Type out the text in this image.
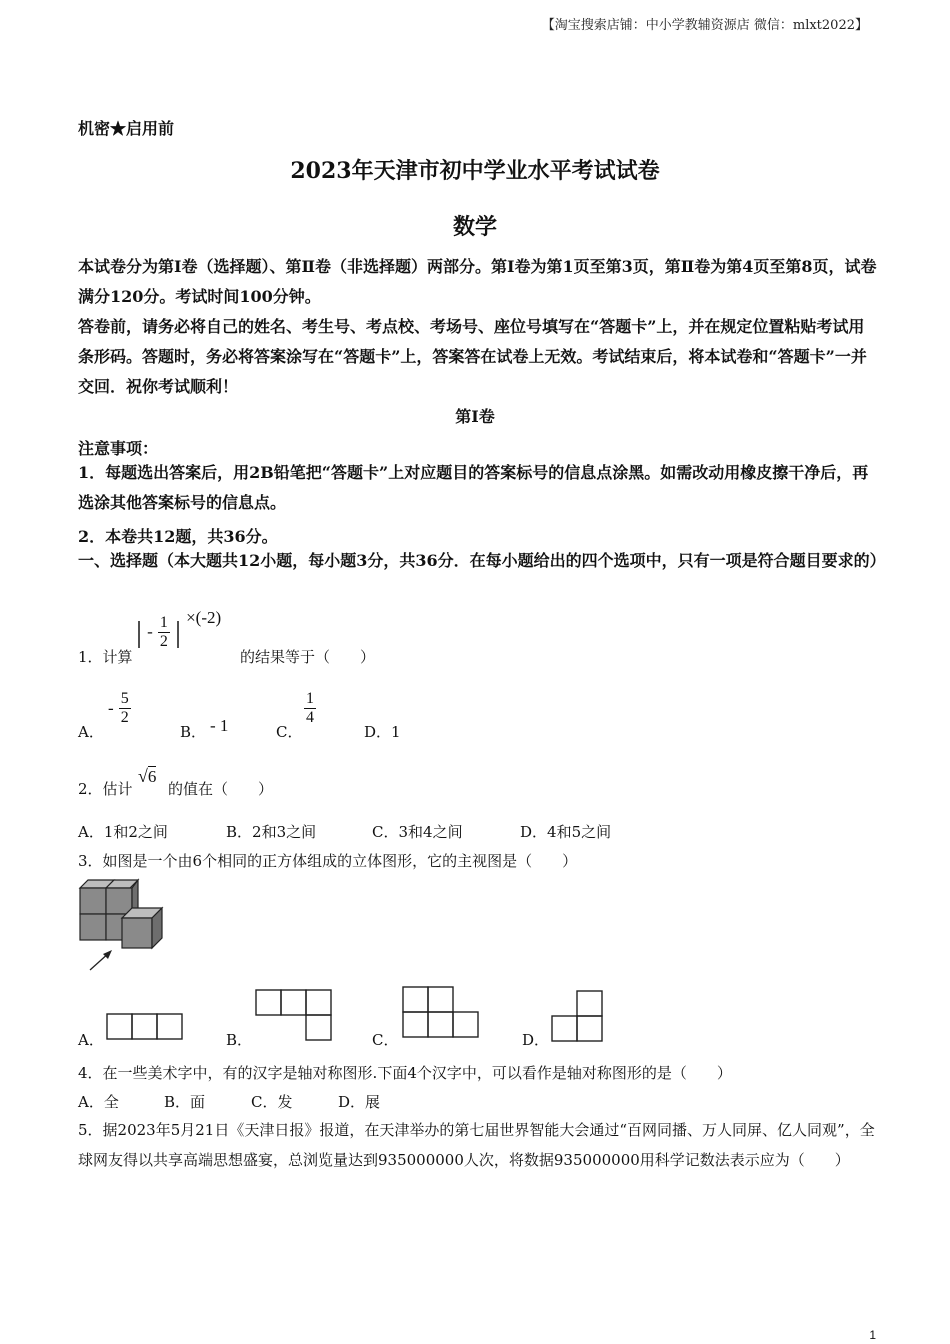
【淘宝搜索店铺：中小学教辅资源店 微信：mlxt2022】
机密★启用前
2023年天津市初中学业水平考试试卷
数学
本试卷分为第Ⅰ卷（选择题）、第Ⅱ卷（非选择题）两部分。第Ⅰ卷为第1页至第3页，第Ⅱ卷为第4页至第8页，试卷满分120分。考试时间100分钟。
答卷前，请务必将自己的姓名、考生号、考点校、考场号、座位号填写在“答题卡”上，并在规定位置粘贴考试用条形码。答题时，务必将答案涂写在“答题卡”上，答案答在试卷上无效。考试结束后，将本试卷和“答题卡”一并交回．祝你考试顺利！
第Ⅰ卷
注意事项：
1．每题选出答案后，用2B铅笔把“答题卡”上对应题目的答案标号的信息点涂黑。如需改动用橡皮擦干净后，再选涂其他答案标号的信息点。
2．本卷共12题，共36分。
一、选择题（本大题共12小题，每小题3分，共36分．在每小题给出的四个选项中，只有一项是符合题目要求的）
1．计算
| - $\frac{1}{2}$ | ×(-2)
的结果等于（　　）
A．
- $\frac{5}{2}$
B． - 1	C．
$\frac{1}{4}$
D．1
2．估计
√6
的值在（　　）
A．1和2之间	B．2和3之间	C．3和4之间	D．4和5之间
3．如图是一个由6个相同的正方体组成的立体图形，它的主视图是（　　）
A．	B．	C．	D．
4．在一些美术字中，有的汉字是轴对称图形.下面4个汉字中，可以看作是轴对称图形的是（　　）
A．全	B．面	C．发	D．展
5．据2023年5月21日《天津日报》报道，在天津举办的第七届世界智能大会通过“百网同播、万人同屏、亿人同观”，全球网友得以共享高端思想盛宴，总浏览量达到935000000人次，将数据935000000用科学记数法表示应为（　　）
1
